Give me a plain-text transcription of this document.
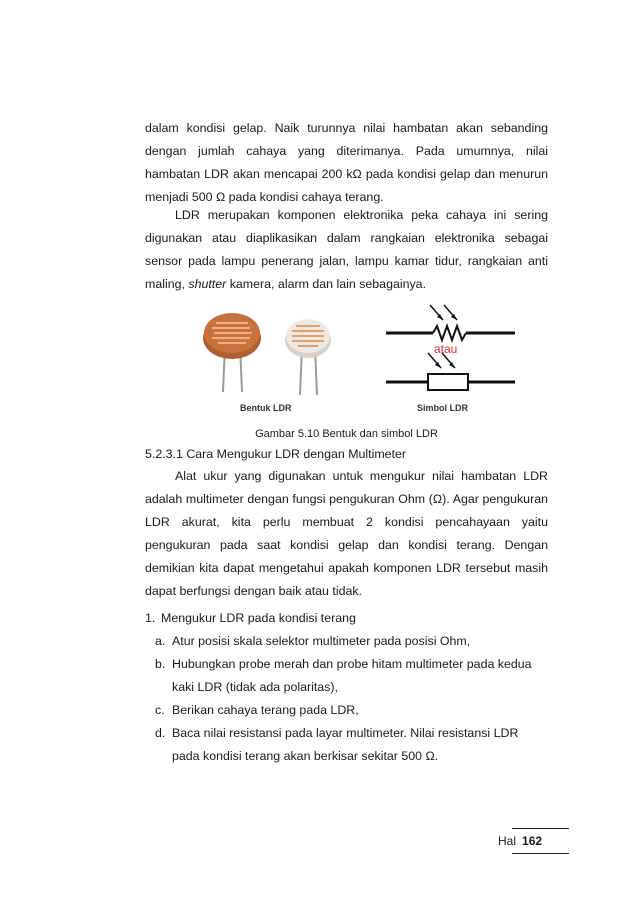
dalam kondisi gelap. Naik turunnya nilai hambatan akan sebanding dengan jumlah cahaya yang diterimanya. Pada umumnya, nilai hambatan LDR akan mencapai 200 kΩ pada kondisi gelap dan menurun menjadi 500 Ω pada kondisi cahaya terang.

LDR merupakan komponen elektronika peka cahaya ini sering digunakan atau diaplikasikan dalam rangkaian elektronika sebagai sensor pada lampu penerang jalan, lampu kamar tidur, rangkaian anti maling, shutter kamera, alarm dan lain sebagainya.

atau
Bentuk LDR	Simbol LDR
Gambar 5.10 Bentuk dan simbol LDR
5.2.3.1 Cara Mengukur LDR dengan Multimeter

Alat ukur yang digunakan untuk mengukur nilai hambatan LDR adalah multimeter dengan fungsi pengukuran Ohm (Ω). Agar pengukuran LDR akurat, kita perlu membuat 2 kondisi pencahayaan yaitu pengukuran pada saat kondisi gelap dan kondisi terang. Dengan demikian kita dapat mengetahui apakah komponen LDR tersebut masih dapat berfungsi dengan baik atau tidak.

1. Mengukur LDR pada kondisi terang
a. Atur posisi skala selektor multimeter pada posisi Ohm,
b. Hubungkan probe merah dan probe hitam multimeter pada kedua kaki LDR (tidak ada polaritas),
c. Berikan cahaya terang pada LDR,
d. Baca nilai resistansi pada layar multimeter. Nilai resistansi LDR pada kondisi terang akan berkisar sekitar 500 Ω.
Hal 162
